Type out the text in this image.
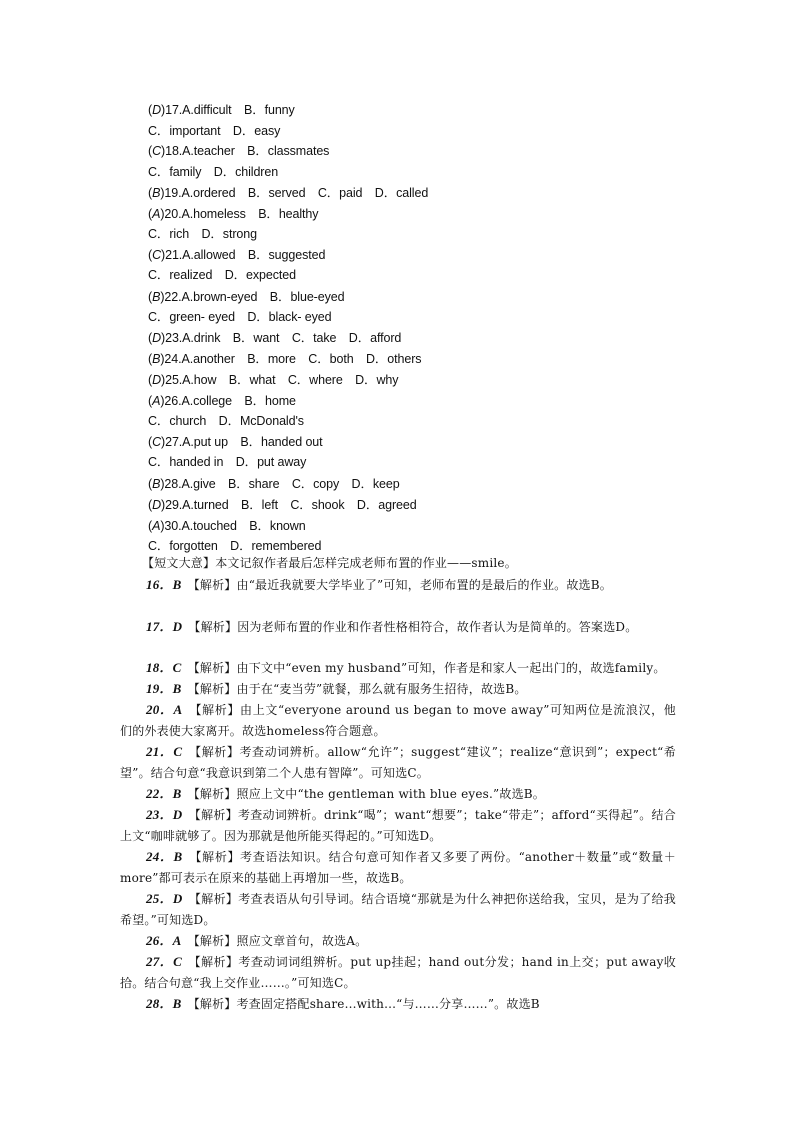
(D)17.A.difficult　B．funny
C．important　D．easy
(C)18.A.teacher　B．classmates
C．family　D．children
(B)19.A.ordered　B．served　C．paid　D．called
(A)20.A.homeless　B．healthy
C．rich　D．strong
(C)21.A.allowed　B．suggested
C．realized　D．expected
(B)22.A.brown-eyed　B．blue-eyed
C．green- eyed　D．black- eyed
(D)23.A.drink　B．want　C．take　D．afford
(B)24.A.another　B．more　C．both　D．others
(D)25.A.how　B．what　C．where　D．why
(A)26.A.college　B．home
C．church　D．McDonald's
(C)27.A.put up　B．handed out
C．handed in　D．put away
(B)28.A.give　B．share　C．copy　D．keep
(D)29.A.turned　B．left　C．shook　D．agreed
(A)30.A.touched　B．known
C．forgotten　D．remembered
【短文大意】本文记叙作者最后怎样完成老师布置的作业——smile。
16．B　 【解析】由“最近我就要大学毕业了”可知，老师布置的是最后的作业。故选B。
17．D　 【解析】因为老师布置的作业和作者性格相符合，故作者认为是简单的。答案选D。
18．C　 【解析】由下文中“even my husband”可知，作者是和家人一起出门的，故选family。
19．B　 【解析】由于在“麦当劳”就餐，那么就有服务生招待，故选B。
20．A　 【解析】由上文“everyone around us began to move away”可知两位是流浪汉，他们的外表使大家离开。故选homeless符合题意。
21．C　 【解析】考查动词辨析。allow“允许”；suggest“建议”；realize“意识到”；expect“希望”。结合句意“我意识到第二个人患有智障”。可知选C。
22．B　 【解析】照应上文中“the gentleman with blue eyes.”故选B。
23．D　 【解析】考查动词辨析。drink“喝”；want“想要”；take“带走”；afford“买得起”。结合上文“咖啡就够了。因为那就是他所能买得起的。”可知选D。
24．B　 【解析】考查语法知识。结合句意可知作者又多要了两份。“another＋数量”或“数量＋more”都可表示在原来的基础上再增加一些，故选B。
25．D　 【解析】考查表语从句引导词。结合语境“那就是为什么神把你送给我，宝贝，是为了给我希望。”可知选D。
26．A　 【解析】照应文章首句，故选A。
27．C　 【解析】考查动词词组辨析。put up挂起；hand out分发；hand in上交；put away收拾。结合句意“我上交作业……。”可知选C。
28．B　 【解析】考查固定搭配share...with...“与……分享……”。故选B
